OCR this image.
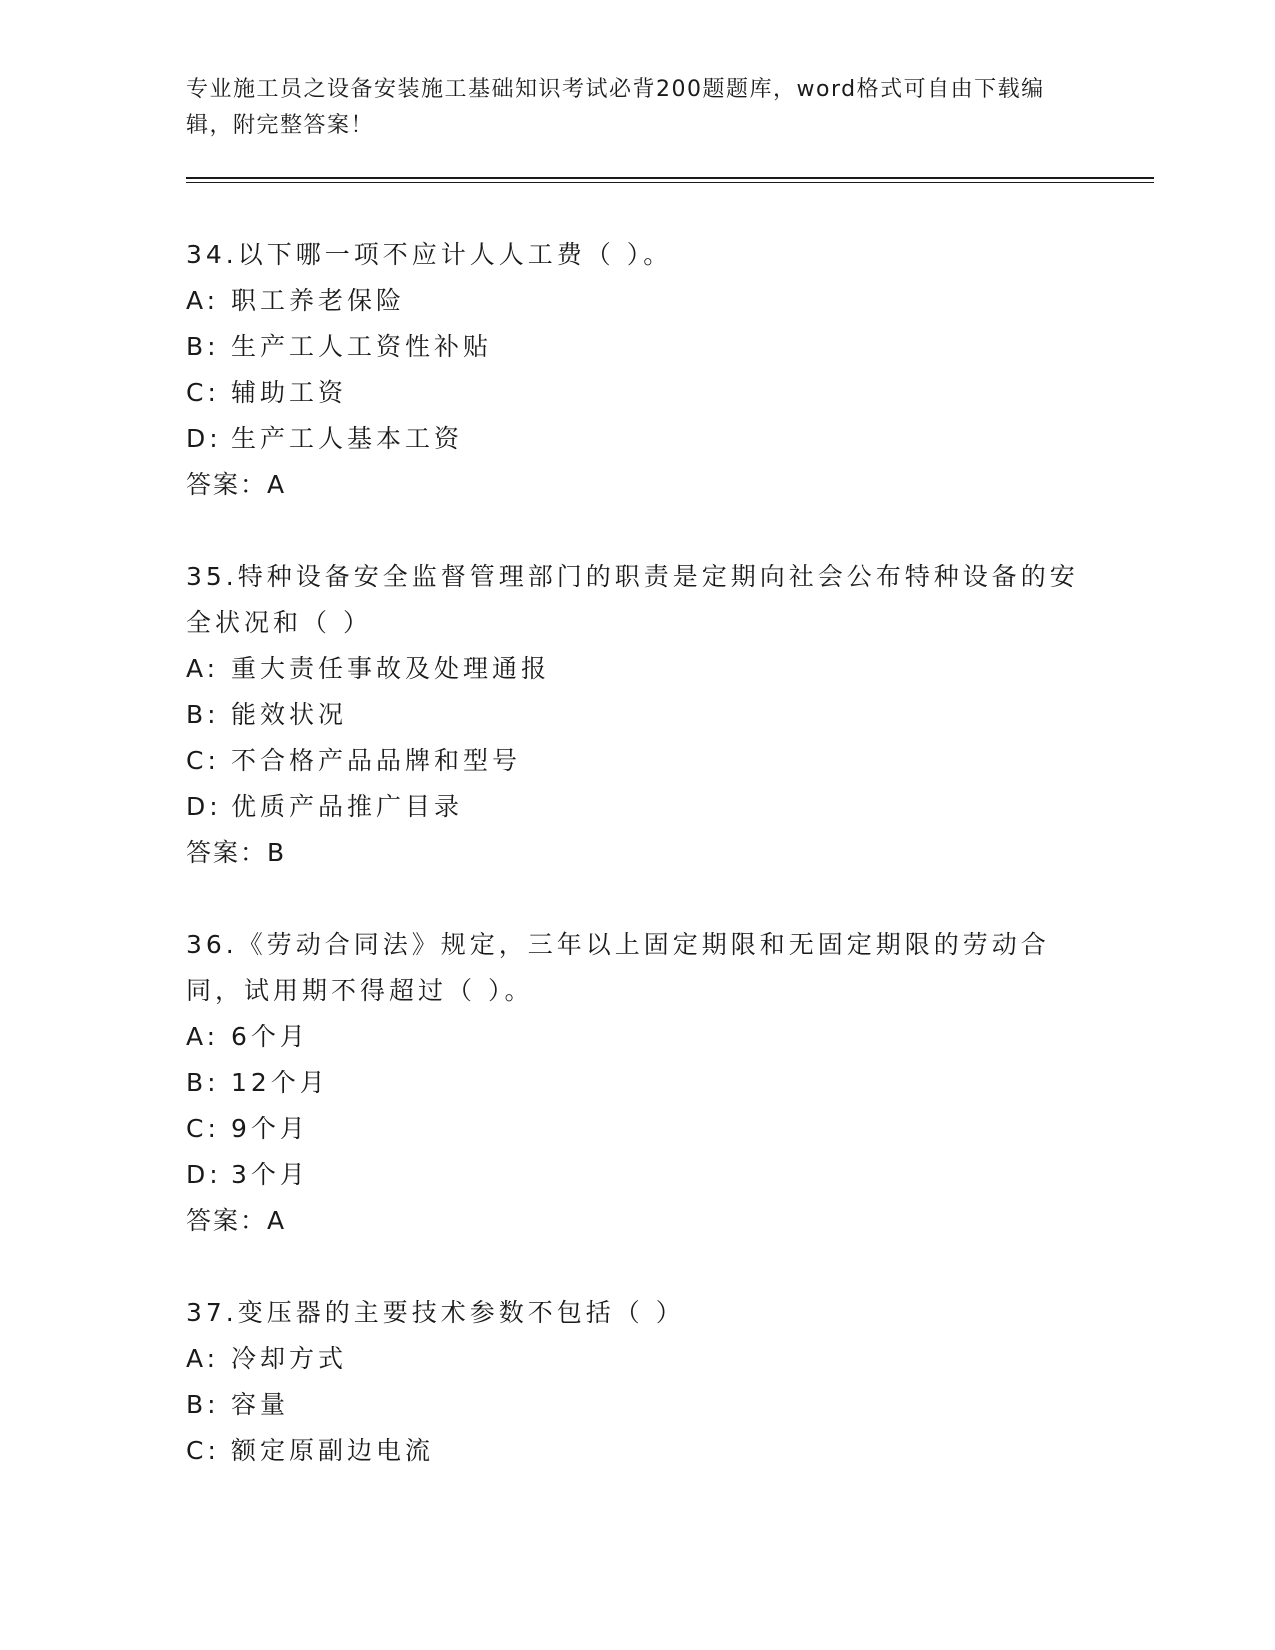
专业施工员之设备安装施工基础知识考试必背200题题库，word格式可自由下载编辑，附完整答案！

34.以下哪一项不应计人人工费（ ）。

A: 职工养老保险

B: 生产工人工资性补贴

C: 辅助工资

D: 生产工人基本工资

答案：A

35.特种设备安全监督管理部门的职责是定期向社会公布特种设备的安全状况和（ ）

A: 重大责任事故及处理通报

B: 能效状况

C: 不合格产品品牌和型号

D: 优质产品推广目录

答案：B

36.《劳动合同法》规定，三年以上固定期限和无固定期限的劳动合同，试用期不得超过（ ）。

A: 6个月

B: 12个月

C: 9个月

D: 3个月

答案：A

37.变压器的主要技术参数不包括（ ）

A: 冷却方式

B: 容量

C: 额定原副边电流
